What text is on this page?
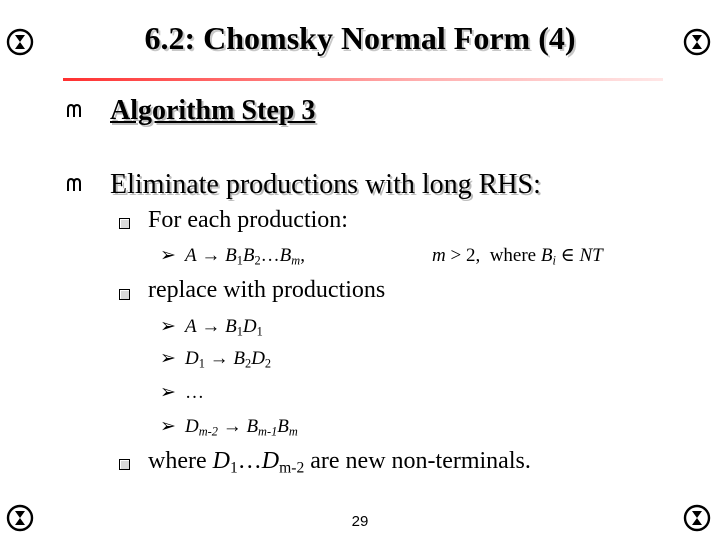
6.2: Chomsky Normal Form (4)
Algorithm Step 3
Eliminate productions with long RHS:
For each production:
➢ $A \to B_1B_2\dots B_m$,	m > 2, where $B_i$ ∈ NT
replace with productions
➢ $A \to B_1D_1$
➢ $D_1 \to B_2D_2$
➢ …
➢ $D_{m-2} \to B_{m-1}B_m$
where $D_1\dots D_{m-2}$ are new non-terminals.
29
